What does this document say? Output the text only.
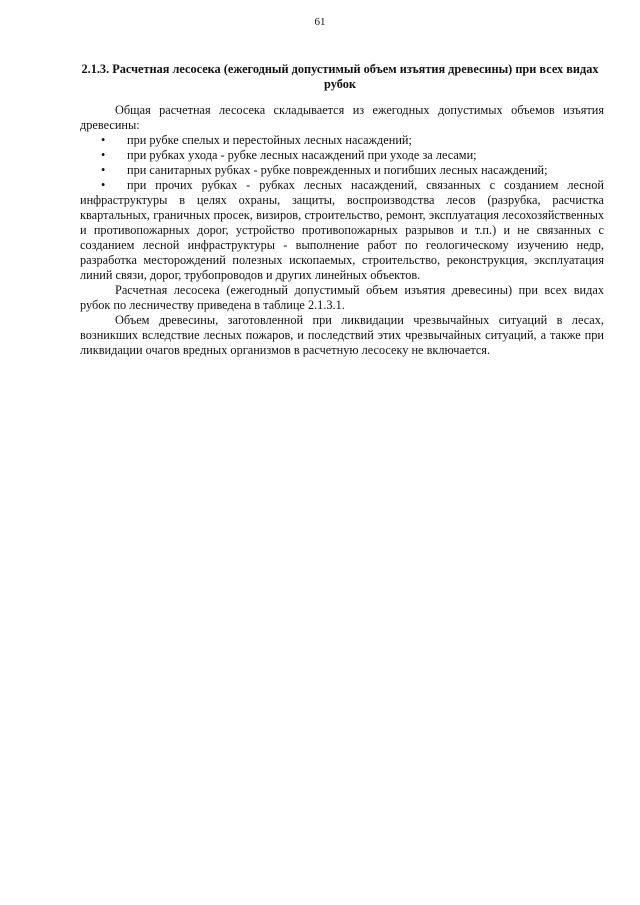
61
2.1.3. Расчетная лесосека (ежегодный допустимый объем изъятия древесины) при всех видах рубок

Общая расчетная лесосека складывается из ежегодных допустимых объемов изъятия древесины:

• при рубке спелых и перестойных лесных насаждений;
• при рубках ухода - рубке лесных насаждений при уходе за лесами;
• при санитарных рубках - рубке поврежденных и погибших лесных насаждений;
• при прочих рубках - рубках лесных насаждений, связанных с созданием лесной инфраструктуры в целях охраны, защиты, воспроизводства лесов (разрубка, расчистка квартальных, граничных просек, визиров, строительство, ремонт, эксплуатация лесохозяйственных и противопожарных дорог, устройство противопожарных разрывов и т.п.) и не связанных с созданием лесной инфраструктуры - выполнение работ по геологическому изучению недр, разработка месторождений полезных ископаемых, строительство, реконструкция, эксплуатация линий связи, дорог, трубопроводов и других линейных объектов.

Расчетная лесосека (ежегодный допустимый объем изъятия древесины) при всех видах рубок по лесничеству приведена в таблице 2.1.3.1.

Объем древесины, заготовленной при ликвидации чрезвычайных ситуаций в лесах, возникших вследствие лесных пожаров, и последствий этих чрезвычайных ситуаций, а также при ликвидации очагов вредных организмов в расчетную лесосеку не включается.
